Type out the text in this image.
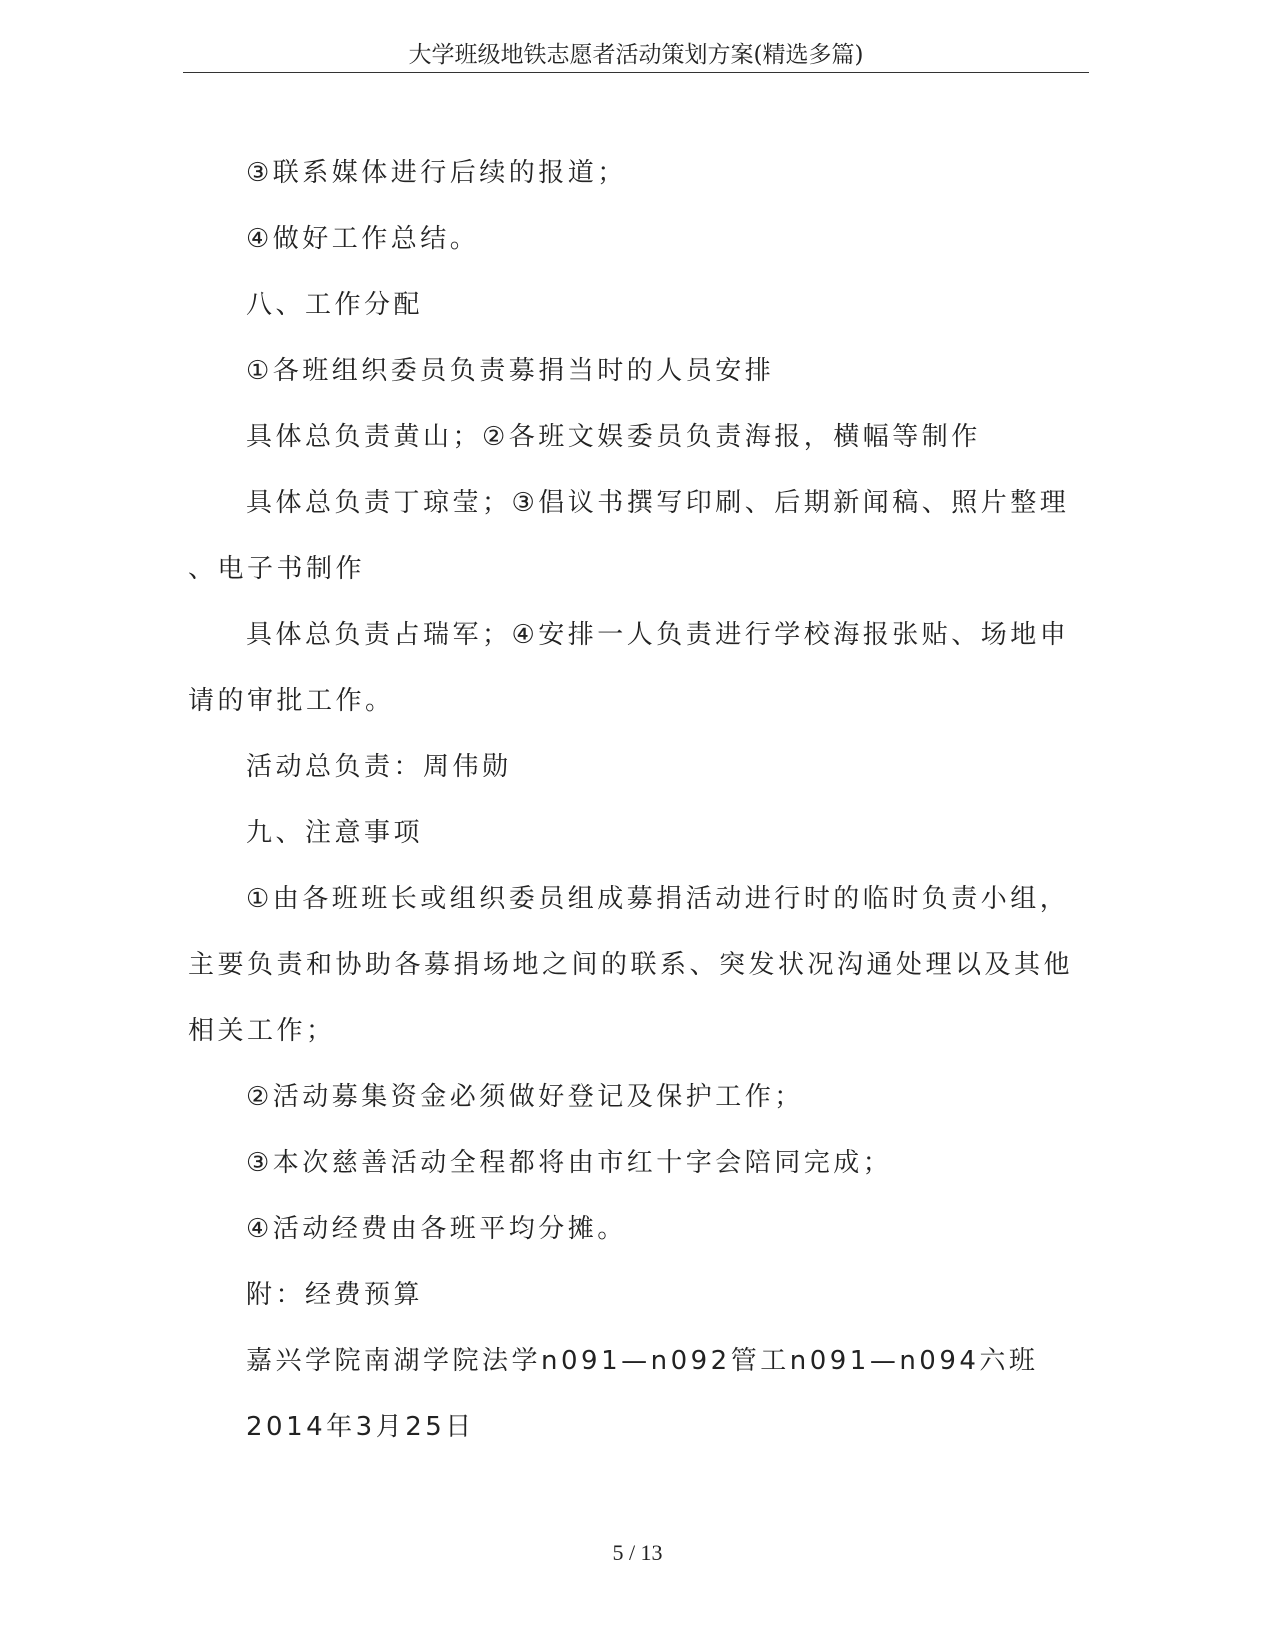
大学班级地铁志愿者活动策划方案(精选多篇)
③联系媒体进行后续的报道；
④做好工作总结。
八、工作分配
①各班组织委员负责募捐当时的人员安排
具体总负责黄山；②各班文娱委员负责海报，横幅等制作
具体总负责丁琼莹；③倡议书撰写印刷、后期新闻稿、照片整理
、电子书制作
具体总负责占瑞军；④安排一人负责进行学校海报张贴、场地申
请的审批工作。
活动总负责：周伟勋
九、注意事项
①由各班班长或组织委员组成募捐活动进行时的临时负责小组，
主要负责和协助各募捐场地之间的联系、突发状况沟通处理以及其他
相关工作；
②活动募集资金必须做好登记及保护工作；
③本次慈善活动全程都将由市红十字会陪同完成；
④活动经费由各班平均分摊。
附：经费预算
嘉兴学院南湖学院法学n091—n092管工n091—n094六班
2014年3月25日
5 / 13
